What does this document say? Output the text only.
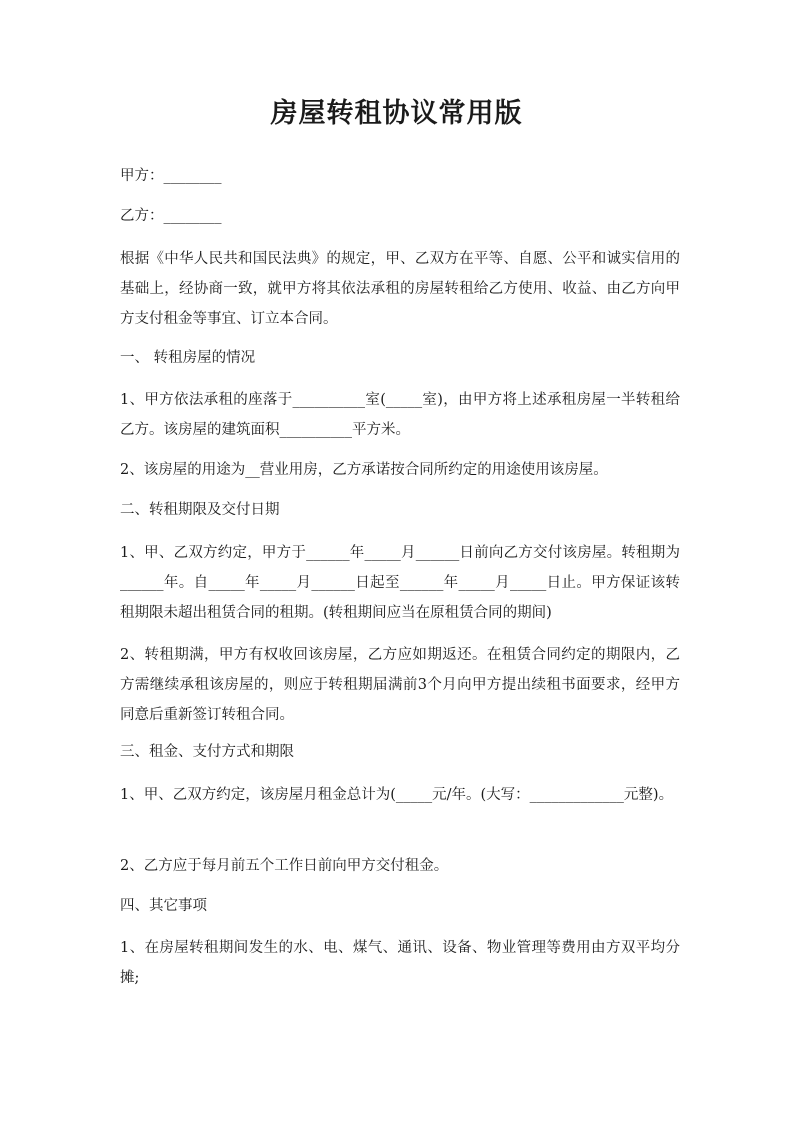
房屋转租协议常用版
甲方：________
乙方：________
根据《中华人民共和国民法典》的规定，甲、乙双方在平等、自愿、公平和诚实信用的基础上，经协商一致，就甲方将其依法承租的房屋转租给乙方使用、收益、由乙方向甲方支付租金等事宜、订立本合同。
一、 转租房屋的情况
1、甲方依法承租的座落于__________室(_____室)，由甲方将上述承租房屋一半转租给乙方。该房屋的建筑面积__________平方米。
2、该房屋的用途为__营业用房，乙方承诺按合同所约定的用途使用该房屋。
二、转租期限及交付日期
1、甲、乙双方约定，甲方于______年_____月______日前向乙方交付该房屋。转租期为______年。自_____年_____月______日起至______年_____月_____日止。甲方保证该转租期限未超出租赁合同的租期。(转租期间应当在原租赁合同的期间)
2、转租期满，甲方有权收回该房屋，乙方应如期返还。在租赁合同约定的期限内，乙方需继续承租该房屋的，则应于转租期届满前3个月向甲方提出续租书面要求，经甲方同意后重新签订转租合同。
三、租金、支付方式和期限
1、甲、乙双方约定，该房屋月租金总计为(_____元/年。(大写：_____________元整)。
2、乙方应于每月前五个工作日前向甲方交付租金。
四、其它事项
1、在房屋转租期间发生的水、电、煤气、通讯、设备、物业管理等费用由方双平均分摊;
